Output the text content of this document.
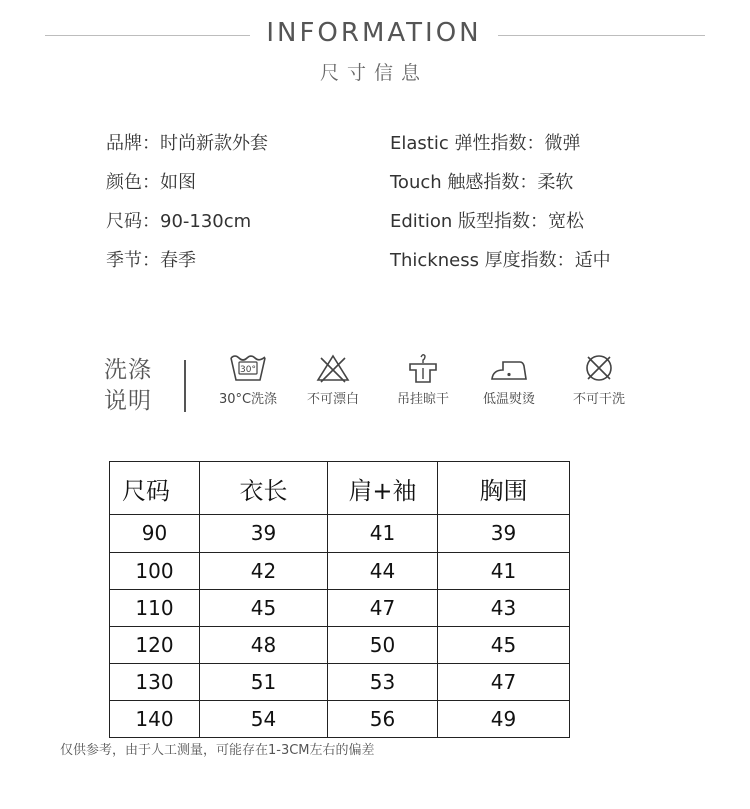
INFORMATION
尺寸信息
品牌：时尚新款外套
颜色：如图
尺码：90-130cm
季节：春季
Elastic 弹性指数：微弹
Touch 触感指数：柔软
Edition 版型指数：宽松
Thickness 厚度指数：适中
洗涤
说明
30°
30°C洗涤	不可漂白	吊挂晾干	低温熨烫	不可干洗
尺码	衣长	肩+袖	胸围
90	39	41	39
100	42	44	41
110	45	47	43
120	48	50	45
130	51	53	47
140	54	56	49
仅供参考，由于人工测量，可能存在1-3CM左右的偏差
